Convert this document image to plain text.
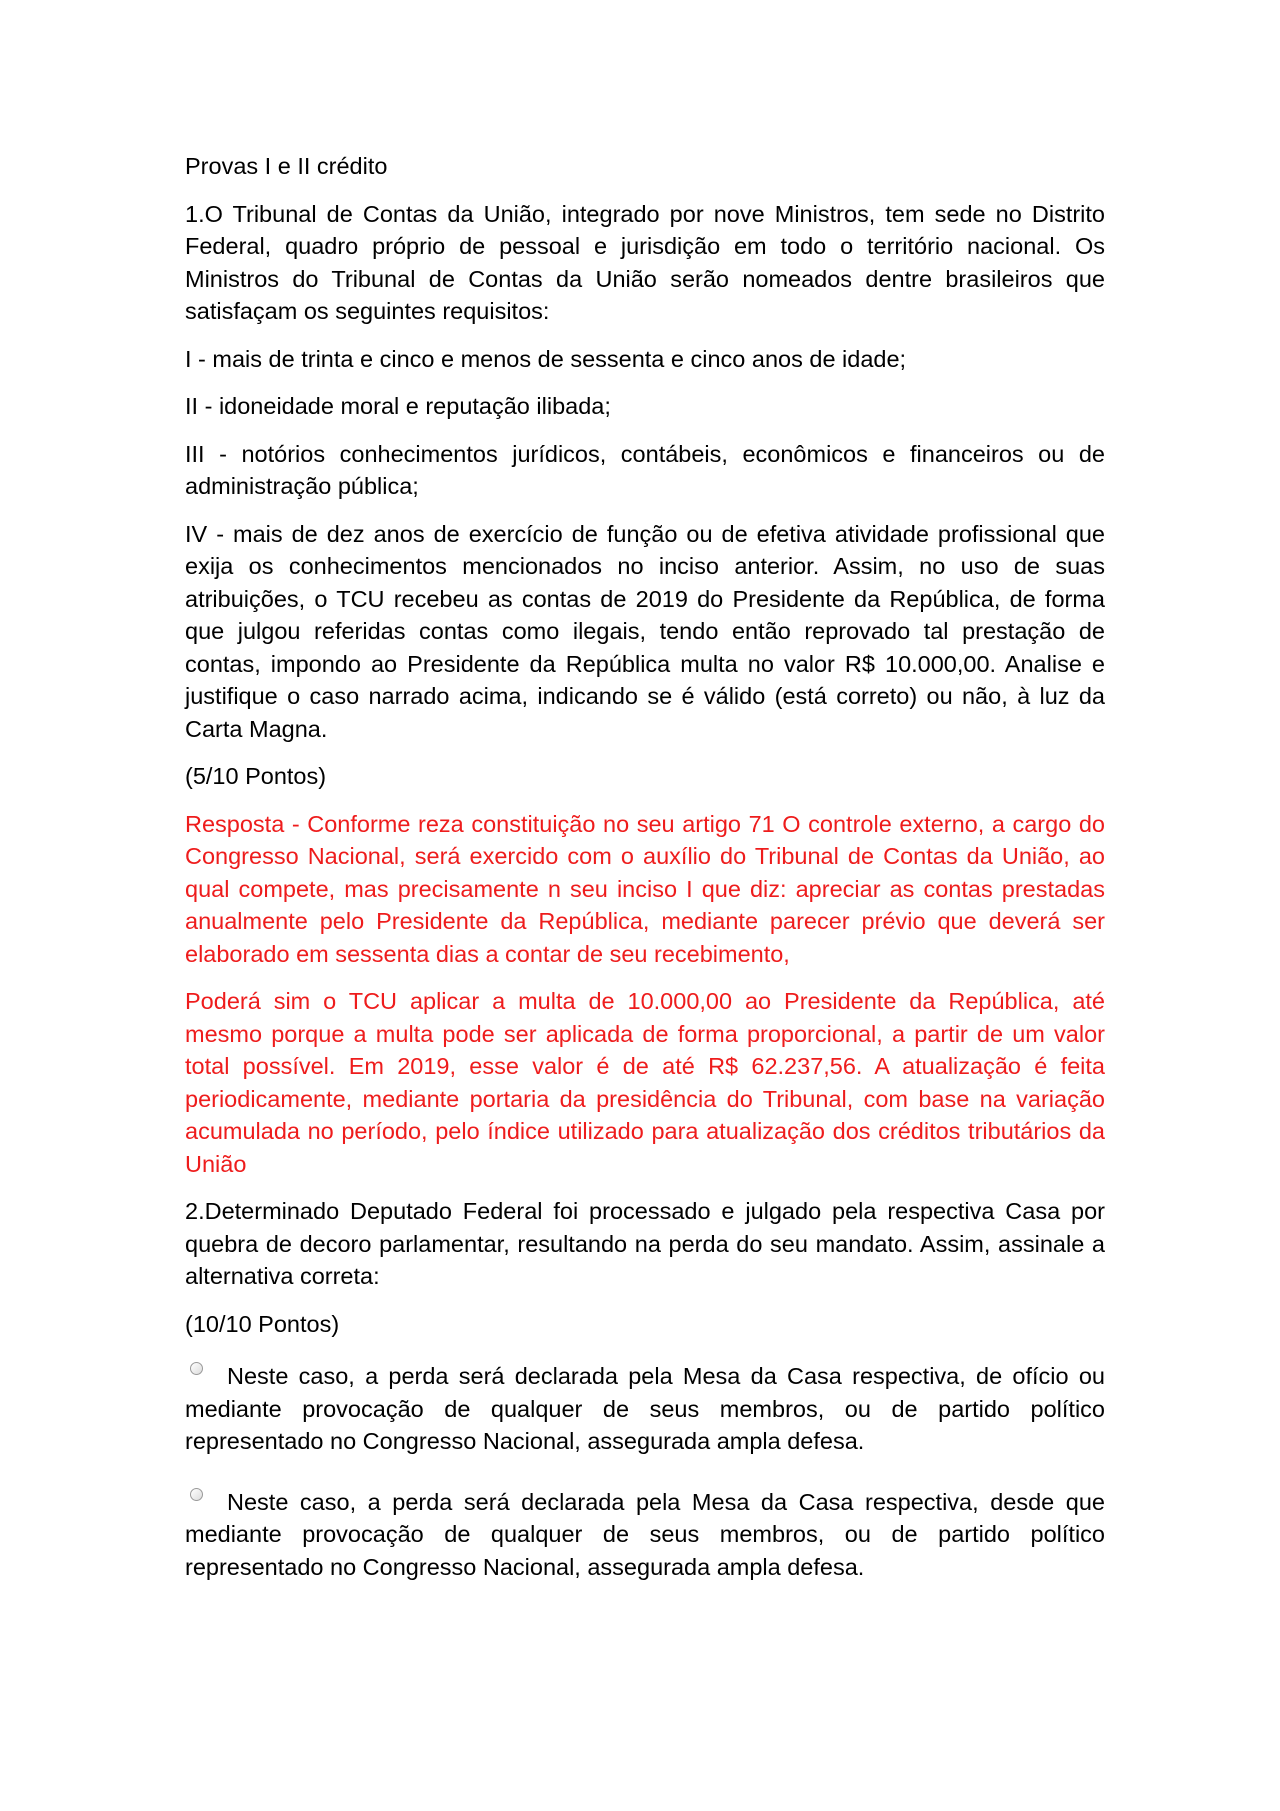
Provas I e II crédito

1.O Tribunal de Contas da União, integrado por nove Ministros, tem sede no Distrito Federal, quadro próprio de pessoal e jurisdição em todo o território nacional. Os Ministros do Tribunal de Contas da União serão nomeados dentre brasileiros que satisfaçam os seguintes requisitos:

I - mais de trinta e cinco e menos de sessenta e cinco anos de idade;

II - idoneidade moral e reputação ilibada;

III - notórios conhecimentos jurídicos, contábeis, econômicos e financeiros ou de administração pública;

IV - mais de dez anos de exercício de função ou de efetiva atividade profissional que exija os conhecimentos mencionados no inciso anterior. Assim, no uso de suas atribuições, o TCU recebeu as contas de 2019 do Presidente da República, de forma que julgou referidas contas como ilegais, tendo então reprovado tal prestação de contas, impondo ao Presidente da República multa no valor R$ 10.000,00. Analise e justifique o caso narrado acima, indicando se é válido (está correto) ou não, à luz da Carta Magna.

(5/10 Pontos)

Resposta - Conforme reza constituição no seu artigo 71 O controle externo, a cargo do Congresso Nacional, será exercido com o auxílio do Tribunal de Contas da União, ao qual compete, mas precisamente n seu inciso I que diz: apreciar as contas prestadas anualmente pelo Presidente da República, mediante parecer prévio que deverá ser elaborado em sessenta dias a contar de seu recebimento,

Poderá sim o TCU aplicar a multa de 10.000,00 ao Presidente da República, até mesmo porque a multa pode ser aplicada de forma proporcional, a partir de um valor total possível. Em 2019, esse valor é de até R$ 62.237,56. A atualização é feita periodicamente, mediante portaria da presidência do Tribunal, com base na variação acumulada no período, pelo índice utilizado para atualização dos créditos tributários da União

2.Determinado Deputado Federal foi processado e julgado pela respectiva Casa por quebra de decoro parlamentar, resultando na perda do seu mandato. Assim, assinale a alternativa correta:

(10/10 Pontos)

Neste caso, a perda será declarada pela Mesa da Casa respectiva, de ofício ou mediante provocação de qualquer de seus membros, ou de partido político representado no Congresso Nacional, assegurada ampla defesa.
Neste caso, a perda será declarada pela Mesa da Casa respectiva, desde que mediante provocação de qualquer de seus membros, ou de partido político representado no Congresso Nacional, assegurada ampla defesa.
